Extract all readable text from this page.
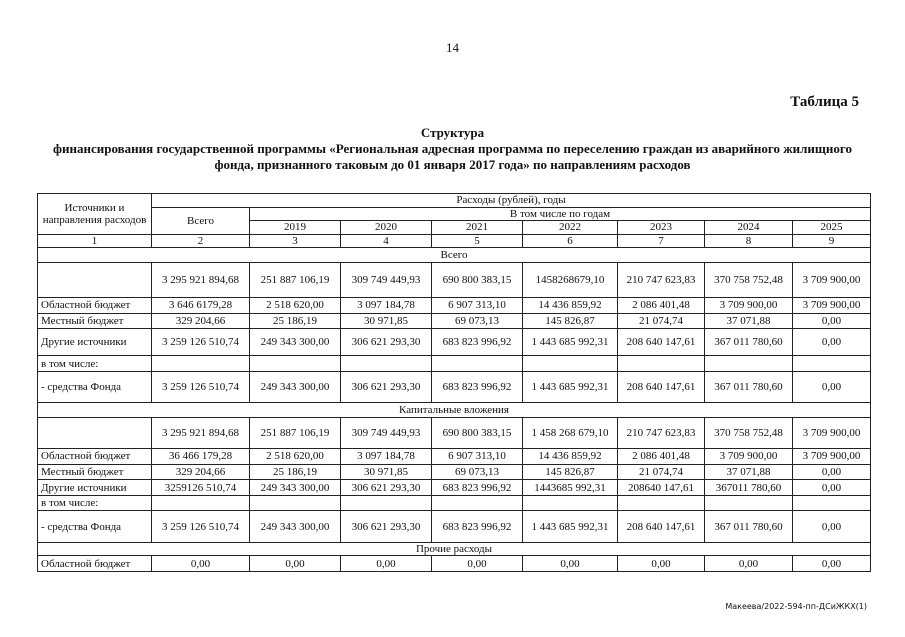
14
Таблица 5
Структура
финансирования государственной программы «Региональная адресная программа по переселению граждан из аварийного жилищного
фонда, признанного таковым до 01 января 2017 года» по направлениям расходов
Источники и направления расходов	Расходы (рублей), годы							
	Всего	В том числе по годам						
		2019	2020	2021	2022	2023	2024	2025
1	2	3	4	5	6	7	8	9
Всего								
	3 295 921 894,68	251 887 106,19	309 749 449,93	690 800 383,15	1458268679,10	210 747 623,83	370 758 752,48	3 709 900,00
Областной бюджет	3 646 6179,28	2 518 620,00	3 097 184,78	6 907 313,10	14 436 859,92	2 086 401,48	3 709 900,00	3 709 900,00
Местный бюджет	329 204,66	25 186,19	30 971,85	69 073,13	145 826,87	21 074,74	37 071,88	0,00
Другие источники	3 259 126 510,74	249 343 300,00	306 621 293,30	683 823 996,92	1 443 685 992,31	208 640 147,61	367 011 780,60	0,00
в том числе:								
- средства Фонда	3 259 126 510,74	249 343 300,00	306 621 293,30	683 823 996,92	1 443 685 992,31	208 640 147,61	367 011 780,60	0,00
Капитальные вложения								
	3 295 921 894,68	251 887 106,19	309 749 449,93	690 800 383,15	1 458 268 679,10	210 747 623,83	370 758 752,48	3 709 900,00
Областной бюджет	36 466 179,28	2 518 620,00	3 097 184,78	6 907 313,10	14 436 859,92	2 086 401,48	3 709 900,00	3 709 900,00
Местный бюджет	329 204,66	25 186,19	30 971,85	69 073,13	145 826,87	21 074,74	37 071,88	0,00
Другие источники	3259126 510,74	249 343 300,00	306 621 293,30	683 823 996,92	1443685 992,31	208640 147,61	367011 780,60	0,00
в том числе:								
- средства Фонда	3 259 126 510,74	249 343 300,00	306 621 293,30	683 823 996,92	1 443 685 992,31	208 640 147,61	367 011 780,60	0,00
Прочие расходы								
Областной бюджет	0,00	0,00	0,00	0,00	0,00	0,00	0,00	0,00
Макеева/2022-594-пп-ДСиЖКХ(1)
